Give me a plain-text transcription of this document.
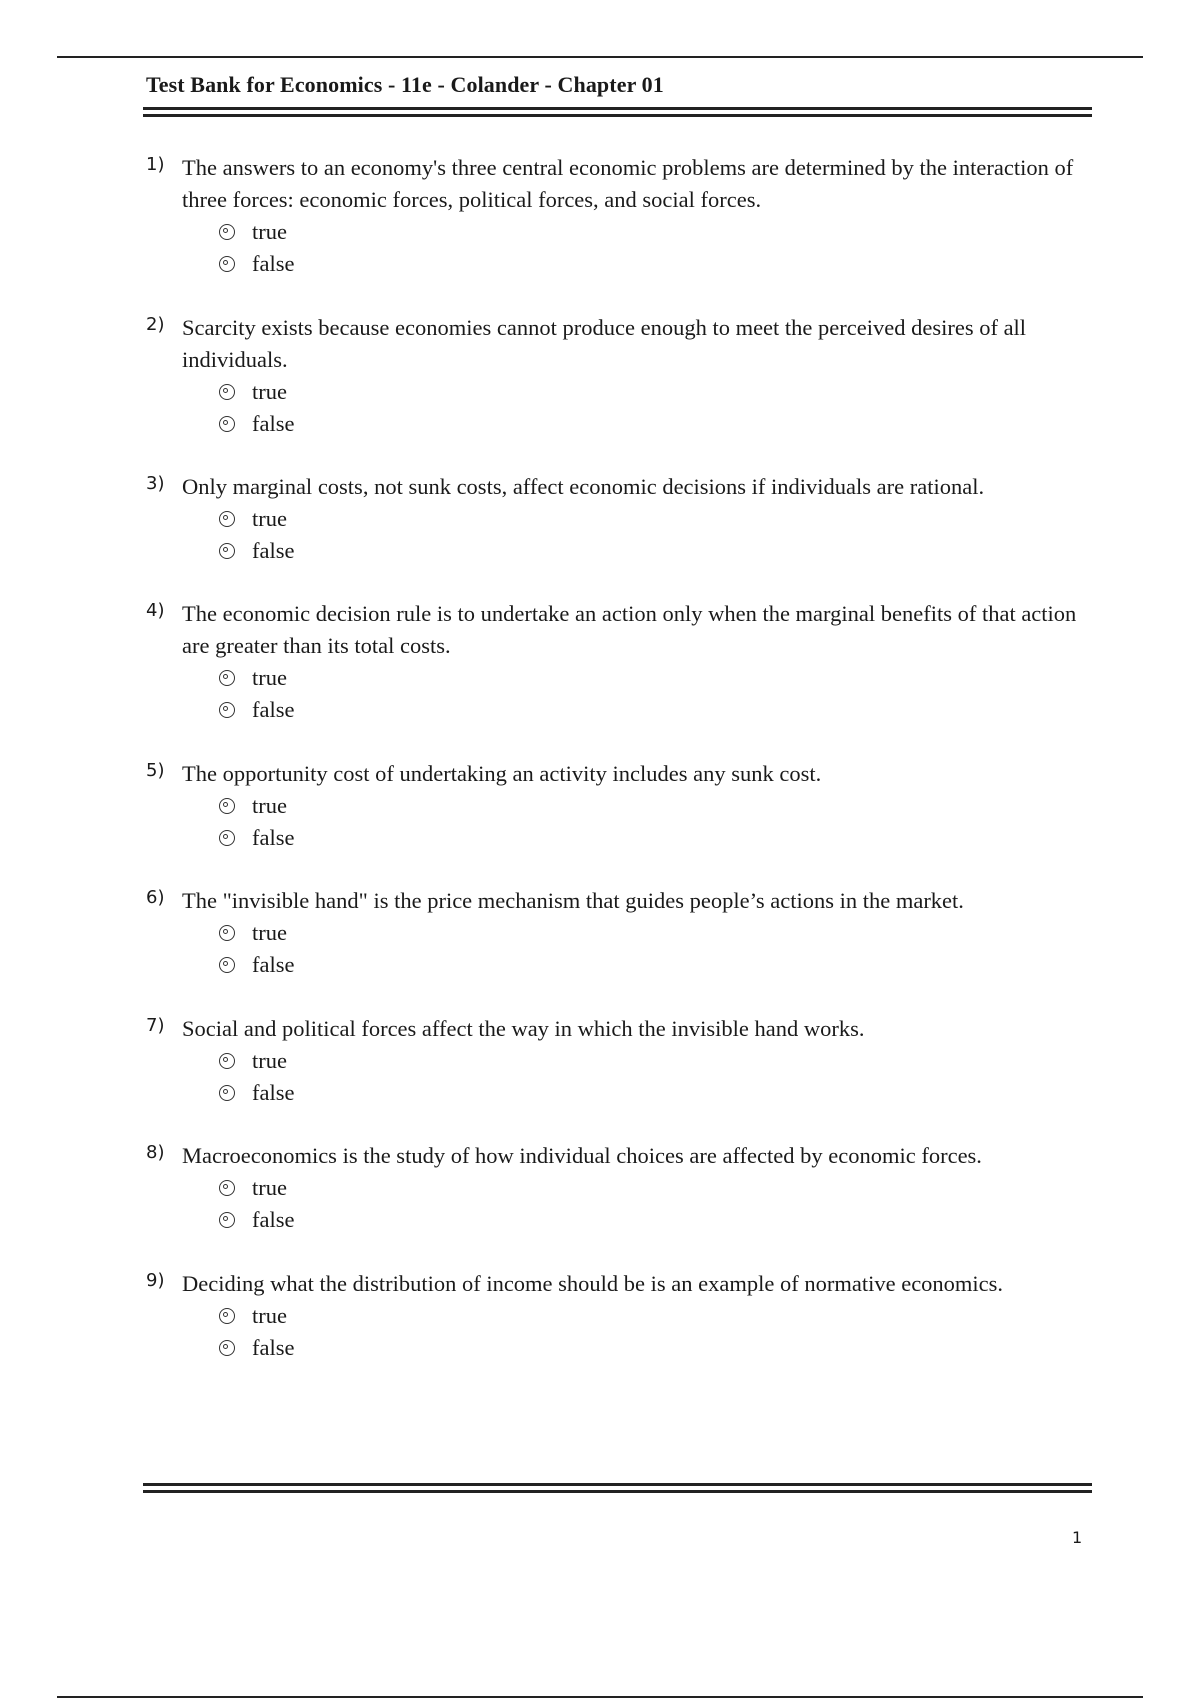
Test Bank for Economics - 11e - Colander - Chapter 01
1) The answers to an economy's three central economic problems are determined by the interaction of three forces: economic forces, political forces, and social forces.
true
false
2) Scarcity exists because economies cannot produce enough to meet the perceived desires of all individuals.
true
false
3) Only marginal costs, not sunk costs, affect economic decisions if individuals are rational.
true
false
4) The economic decision rule is to undertake an action only when the marginal benefits of that action are greater than its total costs.
true
false
5) The opportunity cost of undertaking an activity includes any sunk cost.
true
false
6) The "invisible hand" is the price mechanism that guides people’s actions in the market.
true
false
7) Social and political forces affect the way in which the invisible hand works.
true
false
8) Macroeconomics is the study of how individual choices are affected by economic forces.
true
false
9) Deciding what the distribution of income should be is an example of normative economics.
true
false
1
